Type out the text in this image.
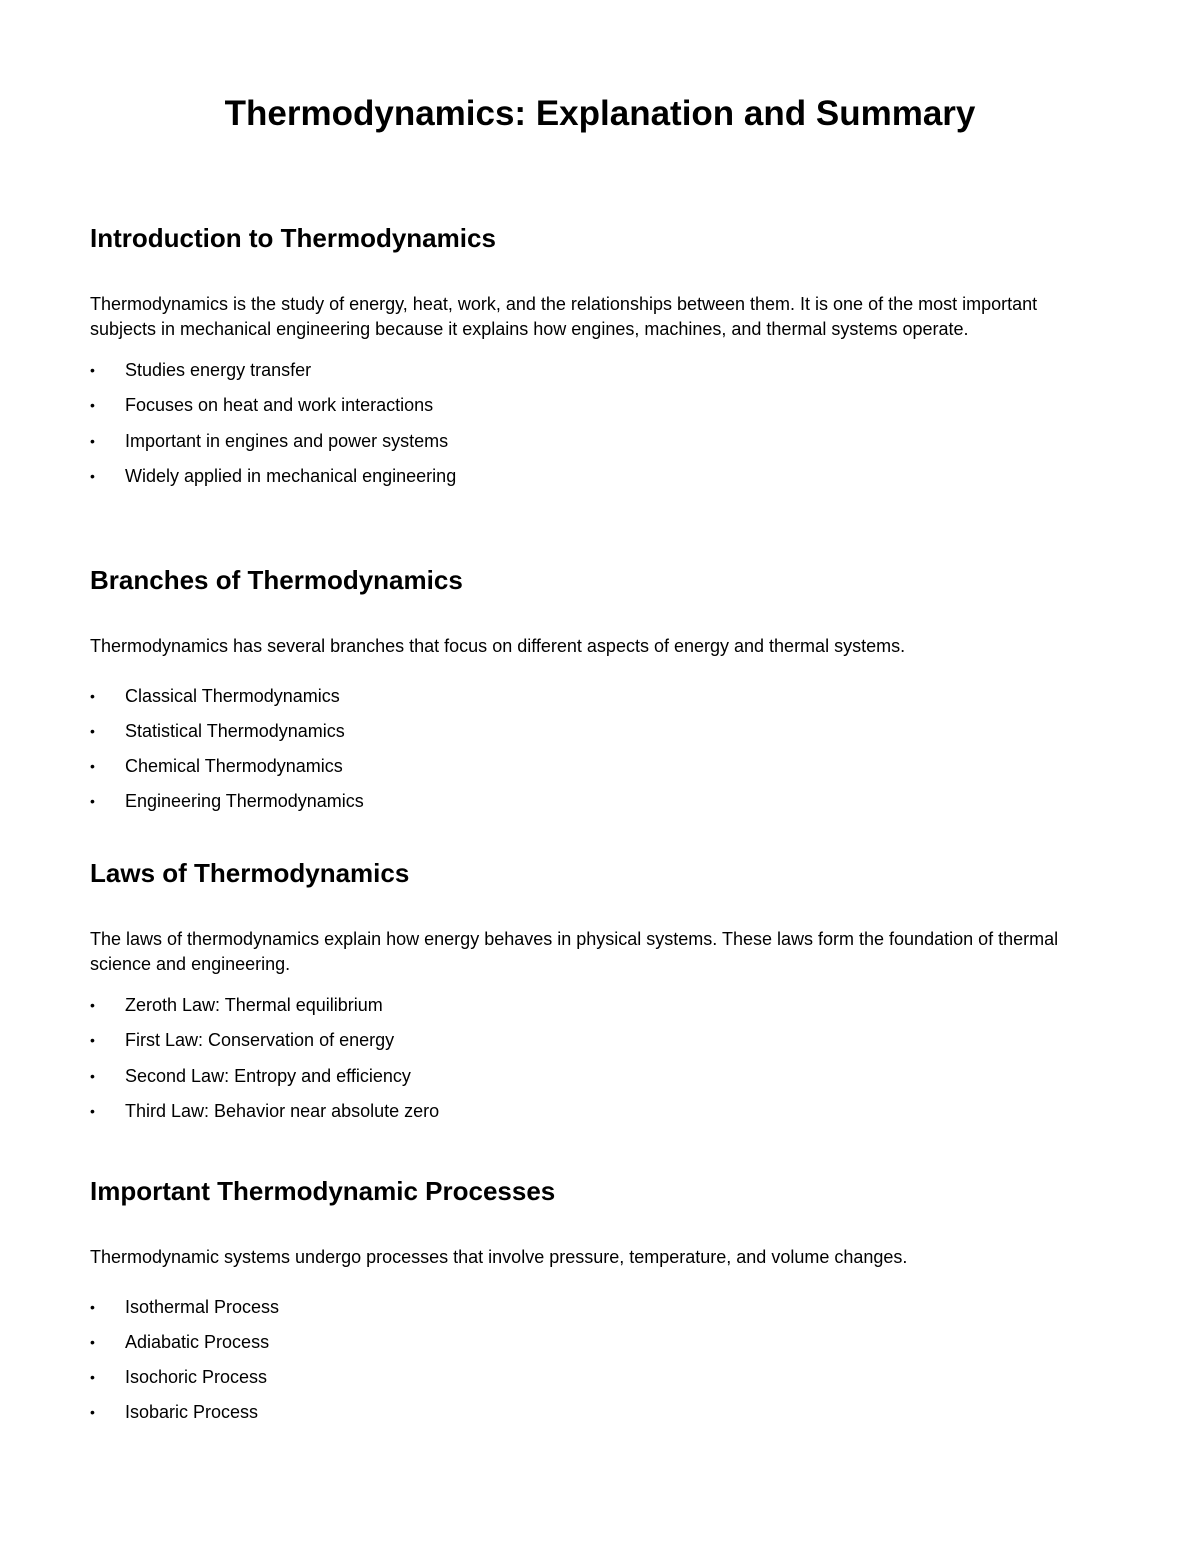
Thermodynamics: Explanation and Summary
Introduction to Thermodynamics

Thermodynamics is the study of energy, heat, work, and the relationships between them. It is one of the most important subjects in mechanical engineering because it explains how engines, machines, and thermal systems operate.

•	Studies energy transfer
•	Focuses on heat and work interactions
•	Important in engines and power systems
•	Widely applied in mechanical engineering
Branches of Thermodynamics

Thermodynamics has several branches that focus on different aspects of energy and thermal systems.

•	Classical Thermodynamics
•	Statistical Thermodynamics
•	Chemical Thermodynamics
•	Engineering Thermodynamics
Laws of Thermodynamics

The laws of thermodynamics explain how energy behaves in physical systems. These laws form the foundation of thermal science and engineering.

•	Zeroth Law: Thermal equilibrium
•	First Law: Conservation of energy
•	Second Law: Entropy and efficiency
•	Third Law: Behavior near absolute zero
Important Thermodynamic Processes

Thermodynamic systems undergo processes that involve pressure, temperature, and volume changes.

•	Isothermal Process
•	Adiabatic Process
•	Isochoric Process
•	Isobaric Process
